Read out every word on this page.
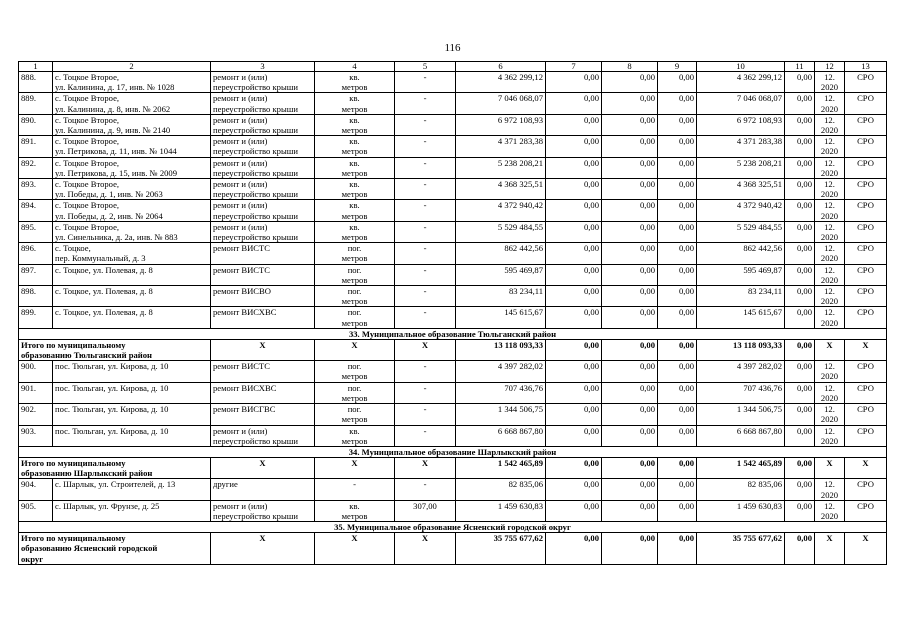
116
1	2	3	4	5	6	7	8	9	10	11	12	13
888.	с. Тоцкое Второе,
ул. Калинина, д. 17, инв. № 1028	ремонт и (или)
переустройство крыши	кв.
метров	-	4 362 299,12	0,00	0,00	0,00	4 362 299,12	0,00	12.
2020	СРО
889.	с. Тоцкое Второе,
ул. Калинина, д. 8, инв. № 2062	ремонт и (или)
переустройство крыши	кв.
метров	-	7 046 068,07	0,00	0,00	0,00	7 046 068,07	0,00	12.
2020	СРО
890.	с. Тоцкое Второе,
ул. Калинина, д. 9, инв. № 2140	ремонт и (или)
переустройство крыши	кв.
метров	-	6 972 108,93	0,00	0,00	0,00	6 972 108,93	0,00	12.
2020	СРО
891.	с. Тоцкое Второе,
ул. Петрикова, д. 11, инв. № 1044	ремонт и (или)
переустройство крыши	кв.
метров	-	4 371 283,38	0,00	0,00	0,00	4 371 283,38	0,00	12.
2020	СРО
892.	с. Тоцкое Второе,
ул. Петрикова, д. 15, инв. № 2009	ремонт и (или)
переустройство крыши	кв.
метров	-	5 238 208,21	0,00	0,00	0,00	5 238 208,21	0,00	12.
2020	СРО
893.	с. Тоцкое Второе,
ул. Победы, д. 1, инв. № 2063	ремонт и (или)
переустройство крыши	кв.
метров	-	4 368 325,51	0,00	0,00	0,00	4 368 325,51	0,00	12.
2020	СРО
894.	с. Тоцкое Второе,
ул. Победы, д. 2, инв. № 2064	ремонт и (или)
переустройство крыши	кв.
метров	-	4 372 940,42	0,00	0,00	0,00	4 372 940,42	0,00	12.
2020	СРО
895.	с. Тоцкое Второе,
ул. Синельника, д. 2а, инв. № 883	ремонт и (или)
переустройство крыши	кв.
метров	-	5 529 484,55	0,00	0,00	0,00	5 529 484,55	0,00	12.
2020	СРО
896.	с. Тоцкое,
пер. Коммунальный, д. 3	ремонт ВИСТС	пог.
метров	-	862 442,56	0,00	0,00	0,00	862 442,56	0,00	12.
2020	СРО
897.	с. Тоцкое, ул. Полевая, д. 8	ремонт ВИСТС	пог.
метров	-	595 469,87	0,00	0,00	0,00	595 469,87	0,00	12.
2020	СРО
898.	с. Тоцкое, ул. Полевая, д. 8	ремонт ВИСВО	пог.
метров	-	83 234,11	0,00	0,00	0,00	83 234,11	0,00	12.
2020	СРО
899.	с. Тоцкое, ул. Полевая, д. 8	ремонт ВИСХВС	пог.
метров	-	145 615,67	0,00	0,00	0,00	145 615,67	0,00	12.
2020	СРО
33. Муниципальное образование Тюльганский район												
Итого по муниципальному
образованию Тюльганский район		X	X	X	13 118 093,33	0,00	0,00	0,00	13 118 093,33	0,00	X	X
900.	пос. Тюльган, ул. Кирова, д. 10	ремонт ВИСТС	пог.
метров	-	4 397 282,02	0,00	0,00	0,00	4 397 282,02	0,00	12.
2020	СРО
901.	пос. Тюльган, ул. Кирова, д. 10	ремонт ВИСХВС	пог.
метров	-	707 436,76	0,00	0,00	0,00	707 436,76	0,00	12.
2020	СРО
902.	пос. Тюльган, ул. Кирова, д. 10	ремонт ВИСГВС	пог.
метров	-	1 344 506,75	0,00	0,00	0,00	1 344 506,75	0,00	12.
2020	СРО
903.	пос. Тюльган, ул. Кирова, д. 10	ремонт и (или)
переустройство крыши	кв.
метров	-	6 668 867,80	0,00	0,00	0,00	6 668 867,80	0,00	12.
2020	СРО
34. Муниципальное образование Шарлыкский район												
Итого по муниципальному
образованию Шарлыкский район		X	X	X	1 542 465,89	0,00	0,00	0,00	1 542 465,89	0,00	X	X
904.	с. Шарлык, ул. Строителей, д. 13	другие	-	-	82 835,06	0,00	0,00	0,00	82 835,06	0,00	12.
2020	СРО
905.	с. Шарлык, ул. Фрунзе, д. 25	ремонт и (или)
переустройство крыши	кв.
метров	307,00	1 459 630,83	0,00	0,00	0,00	1 459 630,83	0,00	12.
2020	СРО
35. Муниципальное образование Ясненский городской округ												
Итого по муниципальному
образованию Ясненский городской
округ		X	X	X	35 755 677,62	0,00	0,00	0,00	35 755 677,62	0,00	X	X
